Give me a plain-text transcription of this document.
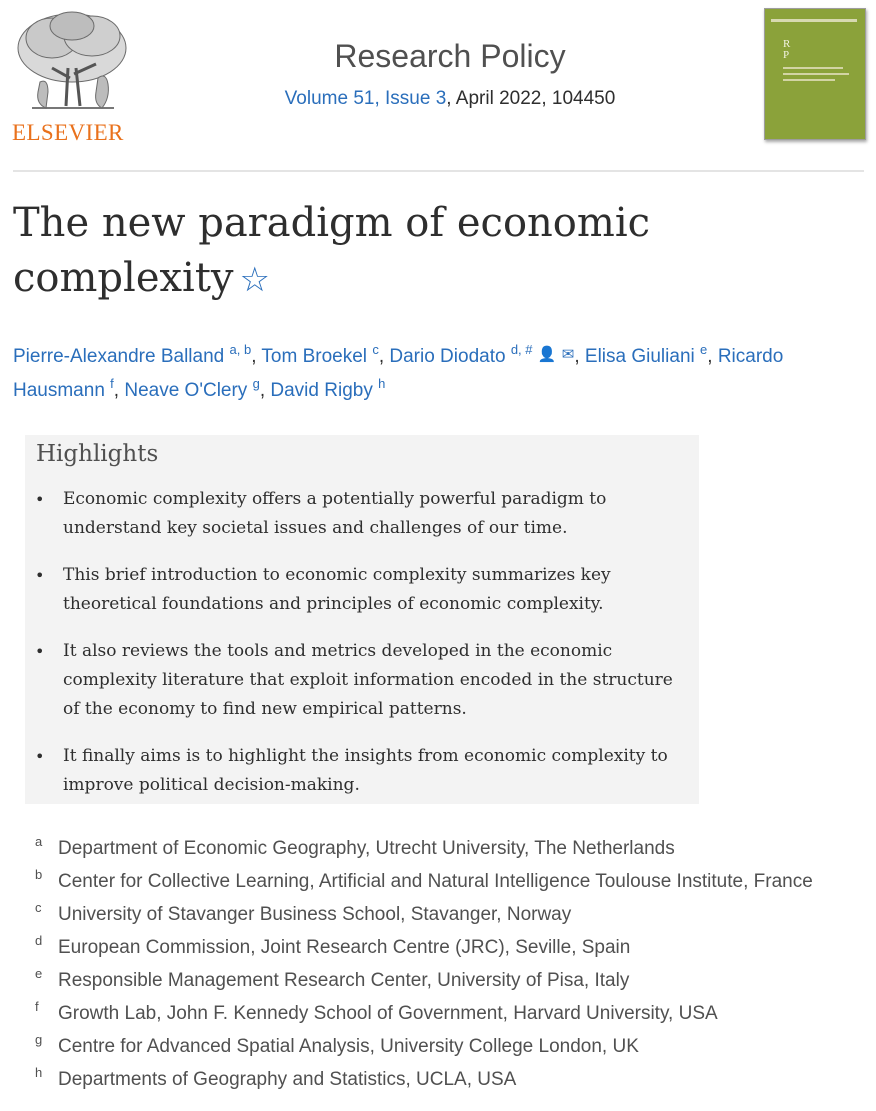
ELSEVIER
Research Policy
Volume 51, Issue 3, April 2022, 104450
R
P
The new paradigm of economic complexity ☆
Pierre-Alexandre Balland $^{a, b}$, Tom Broekel $^c$, Dario Diodato $^{d, \#}$ 👤 ✉, Elisa Giuliani $^e$, Ricardo Hausmann $^f$, Neave O'Clery $^g$, David Rigby $^h$
Highlights
• Economic complexity offers a potentially powerful paradigm to understand key societal issues and challenges of our time.
• This brief introduction to economic complexity summarizes key theoretical foundations and principles of economic complexity.
• It also reviews the tools and metrics developed in the economic complexity literature that exploit information encoded in the structure of the economy to find new empirical patterns.
• It finally aims is to highlight the insights from economic complexity to improve political decision-making.
a Department of Economic Geography, Utrecht University, The Netherlands
b Center for Collective Learning, Artificial and Natural Intelligence Toulouse Institute, France
c University of Stavanger Business School, Stavanger, Norway
d European Commission, Joint Research Centre (JRC), Seville, Spain
e Responsible Management Research Center, University of Pisa, Italy
f Growth Lab, John F. Kennedy School of Government, Harvard University, USA
g Centre for Advanced Spatial Analysis, University College London, UK
h Departments of Geography and Statistics, UCLA, USA
